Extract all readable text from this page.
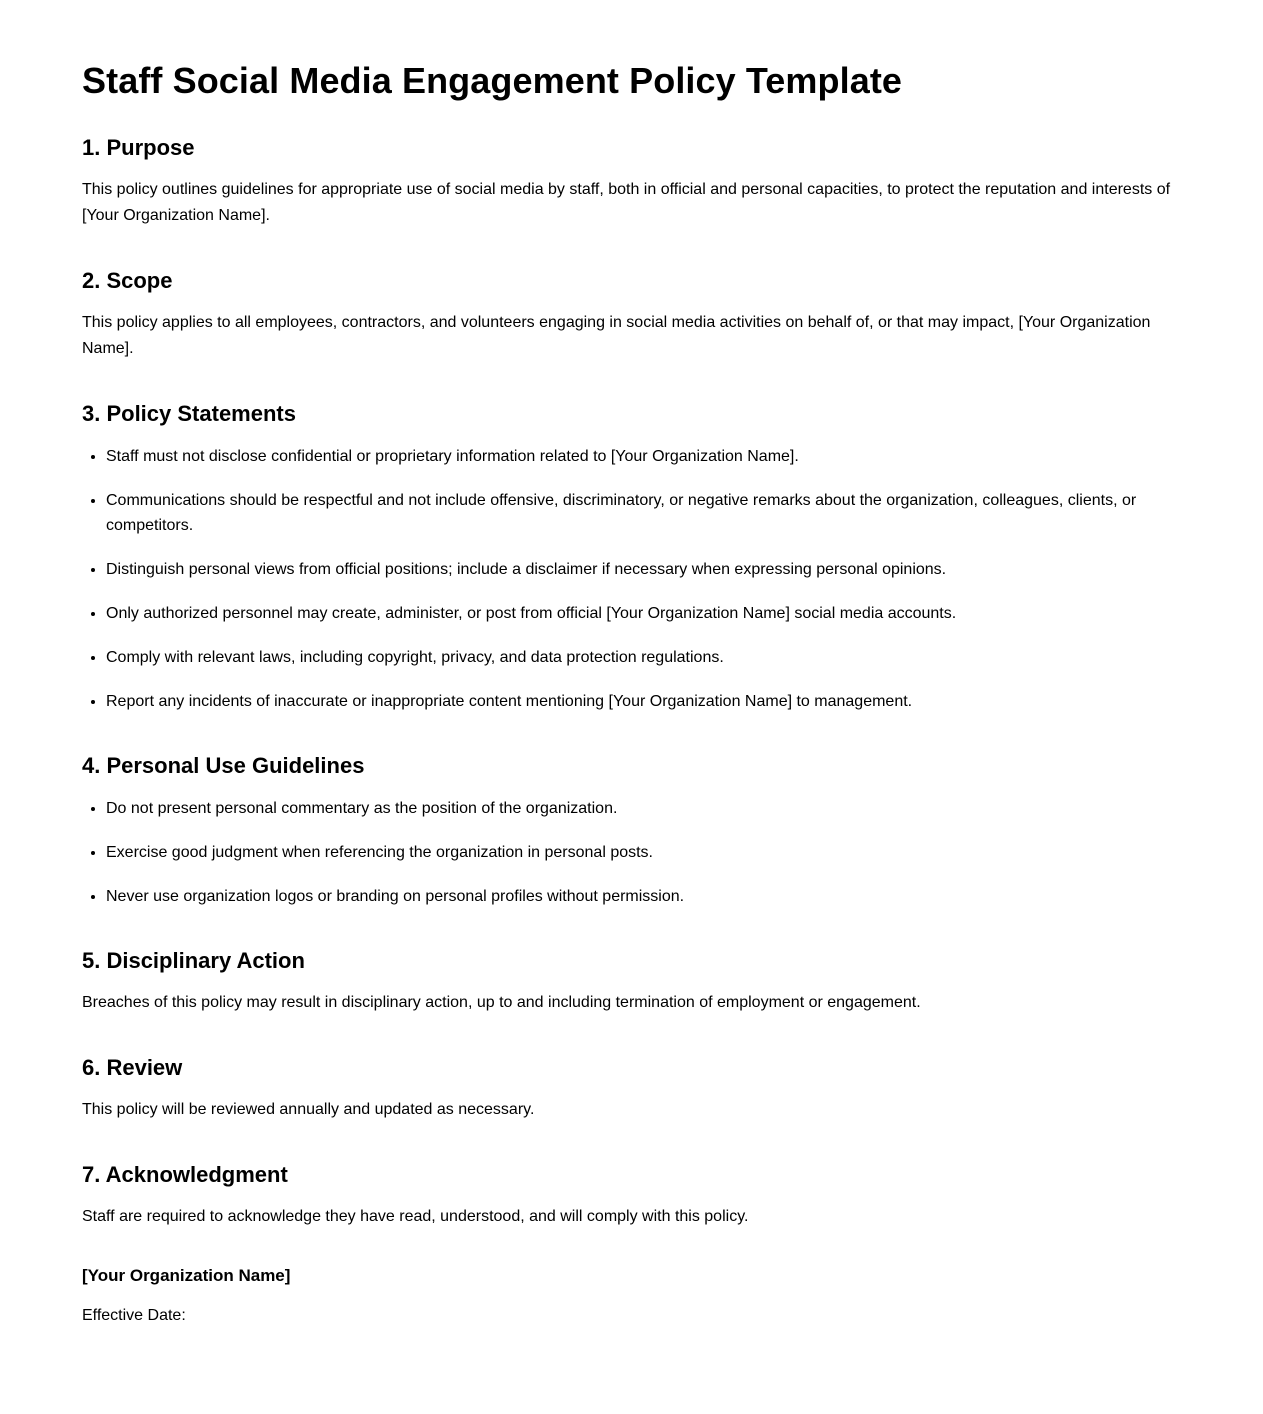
Staff Social Media Engagement Policy Template
1. Purpose

This policy outlines guidelines for appropriate use of social media by staff, both in official and personal capacities, to protect the reputation and interests of [Your Organization Name].

2. Scope

This policy applies to all employees, contractors, and volunteers engaging in social media activities on behalf of, or that may impact, [Your Organization Name].

3. Policy Statements
• Staff must not disclose confidential or proprietary information related to [Your Organization Name].
• Communications should be respectful and not include offensive, discriminatory, or negative remarks about the organization, colleagues, clients, or competitors.
• Distinguish personal views from official positions; include a disclaimer if necessary when expressing personal opinions.
• Only authorized personnel may create, administer, or post from official [Your Organization Name] social media accounts.
• Comply with relevant laws, including copyright, privacy, and data protection regulations.
• Report any incidents of inaccurate or inappropriate content mentioning [Your Organization Name] to management.
4. Personal Use Guidelines
• Do not present personal commentary as the position of the organization.
• Exercise good judgment when referencing the organization in personal posts.
• Never use organization logos or branding on personal profiles without permission.
5. Disciplinary Action

Breaches of this policy may result in disciplinary action, up to and including termination of employment or engagement.

6. Review

This policy will be reviewed annually and updated as necessary.

7. Acknowledgment

Staff are required to acknowledge they have read, understood, and will comply with this policy.

[Your Organization Name]
Effective Date:
